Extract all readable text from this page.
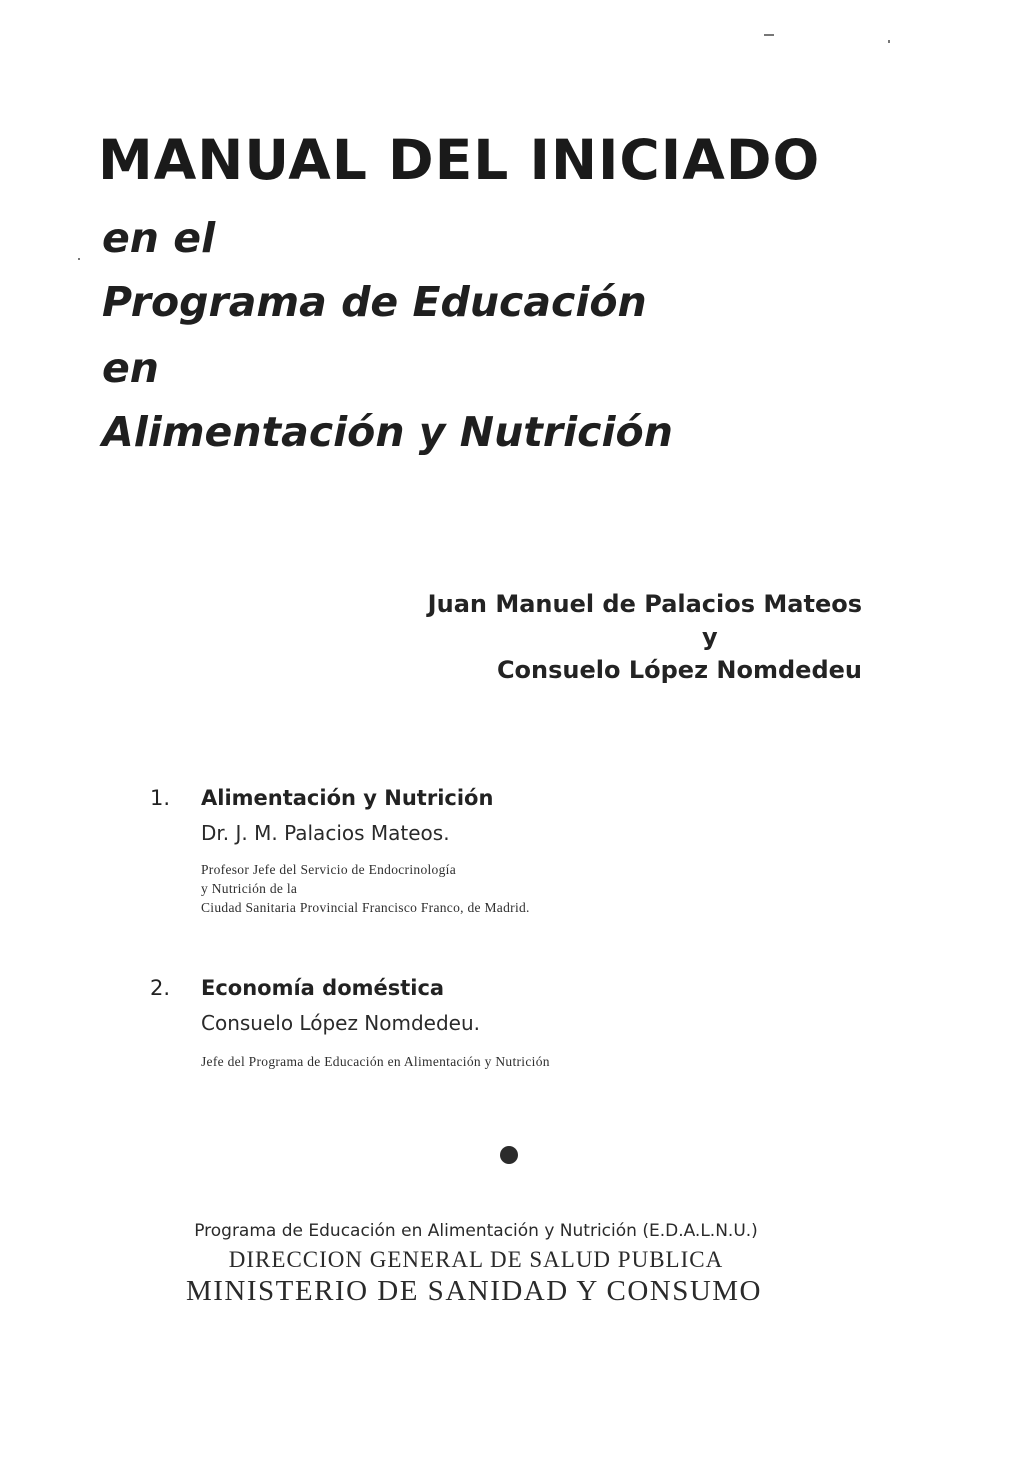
MANUAL DEL INICIADO
en el
Programa de Educación
en
Alimentación y Nutrición
Juan Manuel de Palacios Mateos
y
Consuelo López Nomdedeu
1. Alimentación y Nutrición
Dr. J. M. Palacios Mateos.
Profesor Jefe del Servicio de Endocrinología
y Nutrición de la
Ciudad Sanitaria Provincial Francisco Franco, de Madrid.
2. Economía doméstica
Consuelo López Nomdedeu.
Jefe del Programa de Educación en Alimentación y Nutrición
Programa de Educación en Alimentación y Nutrición (E.D.A.L.N.U.)
DIRECCION GENERAL DE SALUD PUBLICA
MINISTERIO DE SANIDAD Y CONSUMO
